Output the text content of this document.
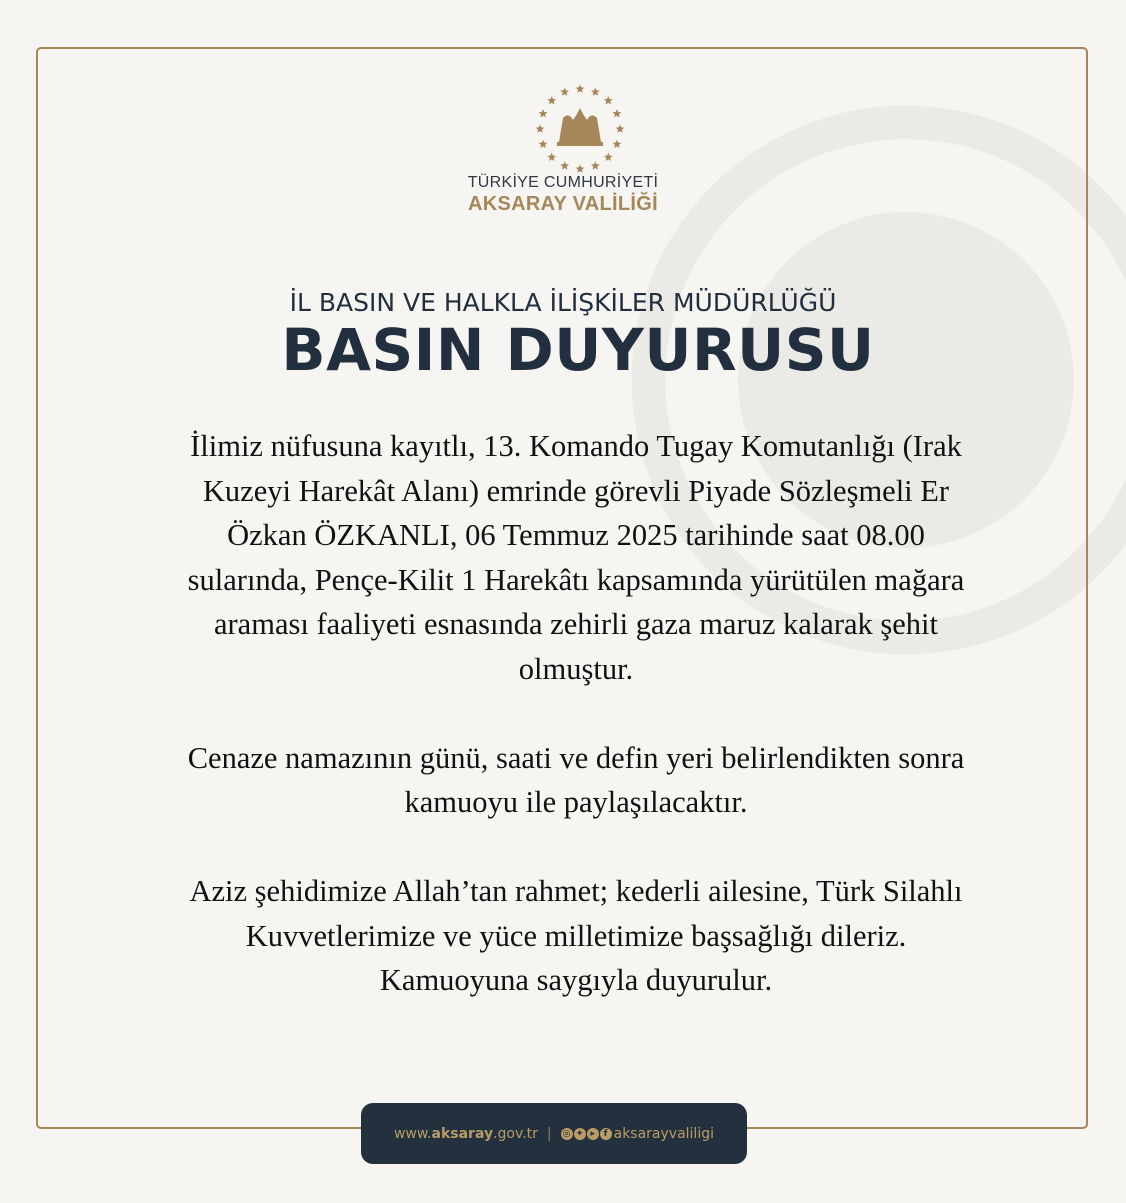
TÜRKİYE CUMHURİYETİ
AKSARAY VALİLİĞİ
İL BASIN VE HALKLA İLİŞKİLER MÜDÜRLÜĞÜ
BASIN DUYURUSU

İlimiz nüfusuna kayıtlı, 13. Komando Tugay Komutanlığı (Irak
Kuzeyi Harekât Alanı) emrinde görevli Piyade Sözleşmeli Er
Özkan ÖZKANLI, 06 Temmuz 2025 tarihinde saat 08.00
sularında, Pençe-Kilit 1 Harekâtı kapsamında yürütülen mağara
araması faaliyeti esnasında zehirli gaza maruz kalarak şehit
olmuştur.

Cenaze namazının günü, saati ve defin yeri belirlendikten sonra
kamuoyu ile paylaşılacaktır.

Aziz şehidimize Allah’tan rahmet; kederli ailesine, Türk Silahlı
Kuvvetlerimize ve yüce milletimize başsağlığı dileriz.
Kamuoyuna saygıyla duyurulur.

www.aksaray.gov.tr | ◎ ✦ ▸ f aksarayvaliligi
